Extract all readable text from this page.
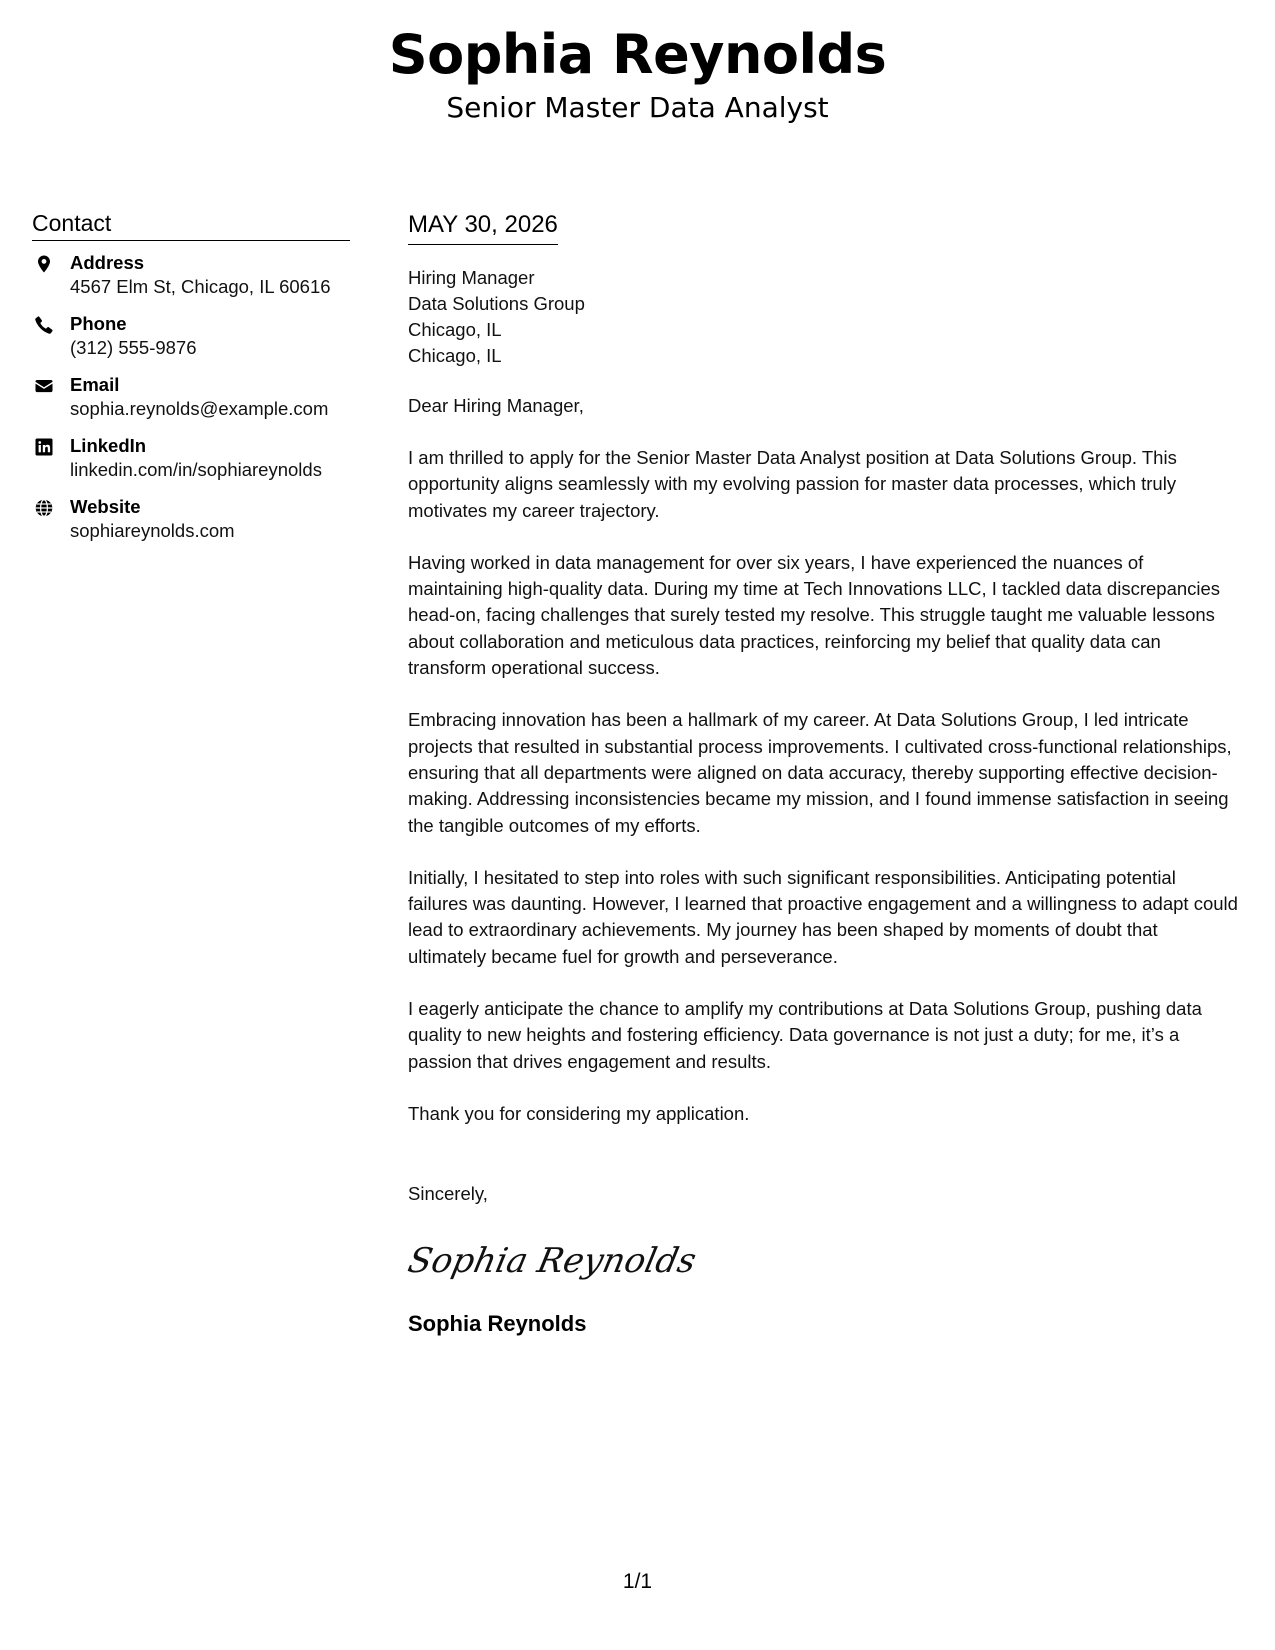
Sophia Reynolds
Senior Master Data Analyst
Contact
Address
4567 Elm St, Chicago, IL 60616
Phone
(312) 555-9876
Email
sophia.reynolds@example.com
LinkedIn
linkedin.com/in/sophiareynolds
Website
sophiareynolds.com
MAY 30, 2026
Hiring Manager
Data Solutions Group
Chicago, IL
Chicago, IL
Dear Hiring Manager,

I am thrilled to apply for the Senior Master Data Analyst position at Data Solutions Group. This opportunity aligns seamlessly with my evolving passion for master data processes, which truly motivates my career trajectory.

Having worked in data management for over six years, I have experienced the nuances of maintaining high-quality data. During my time at Tech Innovations LLC, I tackled data discrepancies head-on, facing challenges that surely tested my resolve. This struggle taught me valuable lessons about collaboration and meticulous data practices, reinforcing my belief that quality data can transform operational success.

Embracing innovation has been a hallmark of my career. At Data Solutions Group, I led intricate projects that resulted in substantial process improvements. I cultivated cross-functional relationships, ensuring that all departments were aligned on data accuracy, thereby supporting effective decision-making. Addressing inconsistencies became my mission, and I found immense satisfaction in seeing the tangible outcomes of my efforts.

Initially, I hesitated to step into roles with such significant responsibilities. Anticipating potential failures was daunting. However, I learned that proactive engagement and a willingness to adapt could lead to extraordinary achievements. My journey has been shaped by moments of doubt that ultimately became fuel for growth and perseverance.

I eagerly anticipate the chance to amplify my contributions at Data Solutions Group, pushing data quality to new heights and fostering efficiency. Data governance is not just a duty; for me, it’s a passion that drives engagement and results.

Thank you for considering my application.

Sincerely,
Sophia Reynolds
Sophia Reynolds
1/1
